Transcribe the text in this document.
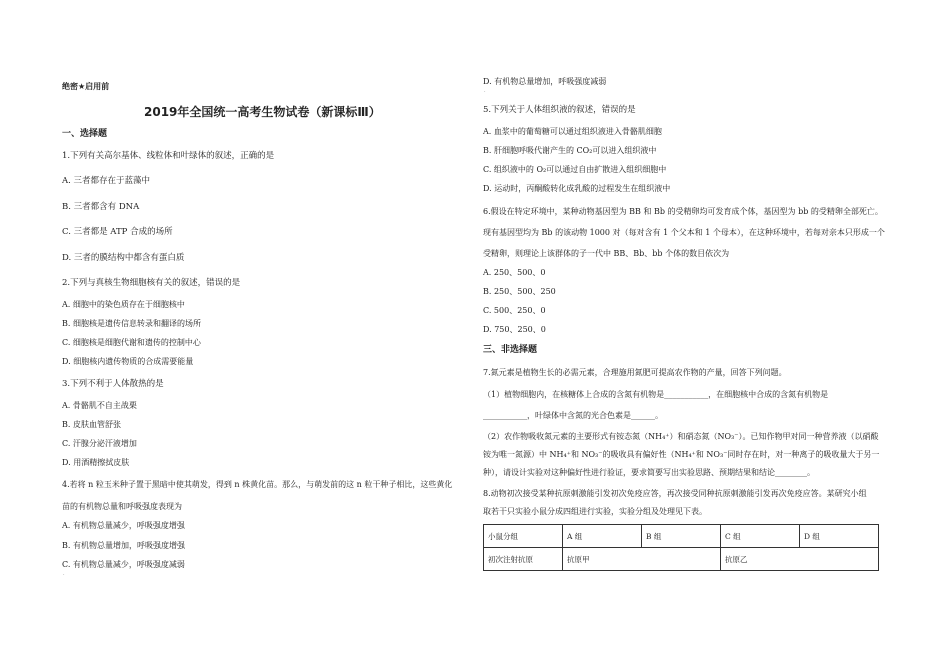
绝密★启用前
2019年全国统一高考生物试卷（新课标Ⅲ）
一、选择题
1.下列有关高尔基体、线粒体和叶绿体的叙述，正确的是
A. 三者都存在于蓝藻中
B. 三者都含有 DNA
C. 三者都是 ATP 合成的场所
D. 三者的膜结构中都含有蛋白质
2.下列与真核生物细胞核有关的叙述，错误的是
A. 细胞中的染色质存在于细胞核中
B. 细胞核是遗传信息转录和翻译的场所
C. 细胞核是细胞代谢和遗传的控制中心
D. 细胞核内遗传物质的合成需要能量
3.下列不利于人体散热的是
A. 骨骼肌不自主战栗
B. 皮肤血管舒张
C. 汗腺分泌汗液增加
D. 用酒精擦拭皮肤
4.若将 n 粒玉米种子置于黑暗中使其萌发，得到 n 株黄化苗。那么，与萌发前的这 n 粒干种子相比，这些黄化
苗的有机物总量和呼吸强度表现为
A. 有机物总量减少，呼吸强度增强
B. 有机物总量增加，呼吸强度增强
C. 有机物总量减少，呼吸强度减弱
·
D. 有机物总量增加，呼吸强度减弱
·
5.下列关于人体组织液的叙述，错误的是
A. 血浆中的葡萄糖可以通过组织液进入骨骼肌细胞
B. 肝细胞呼吸代谢产生的 CO₂可以进入组织液中
C. 组织液中的 O₂可以通过自由扩散进入组织细胞中
D. 运动时，丙酮酸转化成乳酸的过程发生在组织液中
6.假设在特定环境中，某种动物基因型为 BB 和 Bb 的受精卵均可发育成个体，基因型为 bb 的受精卵全部死亡。
现有基因型均为 Bb 的该动物 1000 对（每对含有 1 个父本和 1 个母本），在这种环境中，若每对亲本只形成一个
受精卵，则理论上该群体的子一代中 BB、Bb、bb 个体的数目依次为
A. 250、500、0
B. 250、500、250
C. 500、250、0
D. 750、250、0
三、非选择题
7.氮元素是植物生长的必需元素，合理施用氮肥可提高农作物的产量，回答下列问题。
（1）植物细胞内，在核糖体上合成的含氮有机物是___________，在细胞核中合成的含氮有机物是
___________，叶绿体中含氮的光合色素是______。
（2）农作物吸收氮元素的主要形式有铵态氮（NH₄⁺）和硝态氮（NO₃⁻）。已知作物甲对同一种营养液（以硝酸
铵为唯一氮源）中 NH₄⁺和 NO₃⁻的吸收具有偏好性（NH₄⁺和 NO₃⁻同时存在时，对一种离子的吸收量大于另一
种），请设计实验对这种偏好性进行验证，要求简要写出实验思路、预期结果和结论________。
8.动物初次接受某种抗原刺激能引发初次免疫应答，再次接受同种抗原刺激能引发再次免疫应答。某研究小组
取若干只实验小鼠分成四组进行实验，实验分组及处理见下表。
小鼠分组	A 组	B 组	C 组	D 组
初次注射抗原	抗原甲		抗原乙	
